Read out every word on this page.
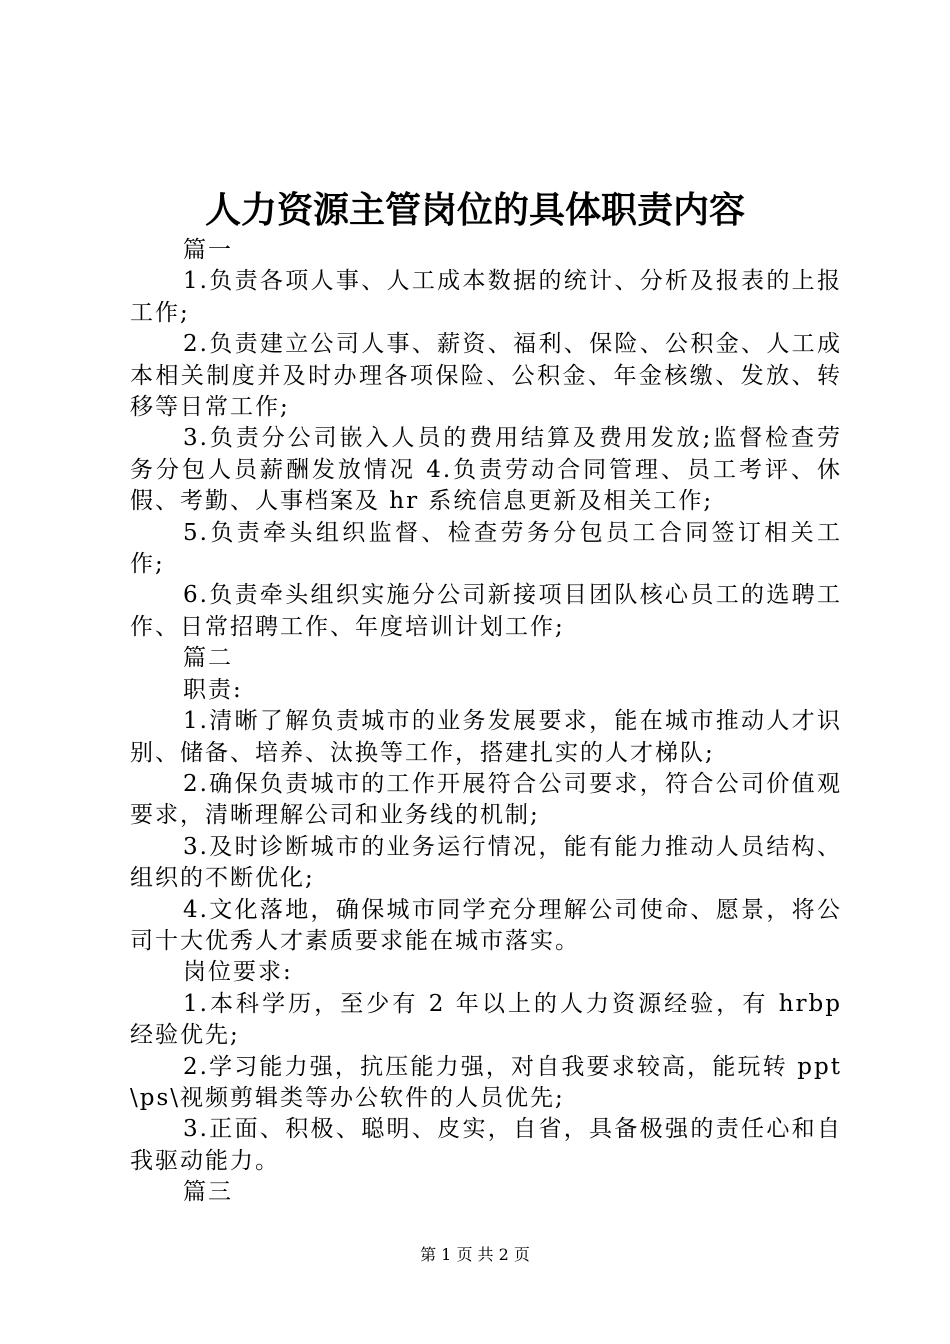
人力资源主管岗位的具体职责内容

篇一

1.负责各项人事、人工成本数据的统计、分析及报表的上报工作;

2.负责建立公司人事、薪资、福利、保险、公积金、人工成本相关制度并及时办理各项保险、公积金、年金核缴、发放、转移等日常工作;

3.负责分公司嵌入人员的费用结算及费用发放;监督检查劳务分包人员薪酬发放情况 4.负责劳动合同管理、员工考评、休假、考勤、人事档案及 hr 系统信息更新及相关工作;

5.负责牵头组织监督、检查劳务分包员工合同签订相关工作;

6.负责牵头组织实施分公司新接项目团队核心员工的选聘工作、日常招聘工作、年度培训计划工作;

篇二

职责:

1.清晰了解负责城市的业务发展要求，能在城市推动人才识别、储备、培养、汰换等工作，搭建扎实的人才梯队;

2.确保负责城市的工作开展符合公司要求，符合公司价值观要求，清晰理解公司和业务线的机制;

3.及时诊断城市的业务运行情况，能有能力推动人员结构、组织的不断优化;

4.文化落地，确保城市同学充分理解公司使命、愿景，将公司十大优秀人才素质要求能在城市落实。

岗位要求:

1.本科学历，至少有 2 年以上的人力资源经验，有 hrbp 经验优先;

2.学习能力强，抗压能力强，对自我要求较高，能玩转 ppt\ps\视频剪辑类等办公软件的人员优先;

3.正面、积极、聪明、皮实，自省，具备极强的责任心和自我驱动能力。

篇三

第 1 页 共 2 页
